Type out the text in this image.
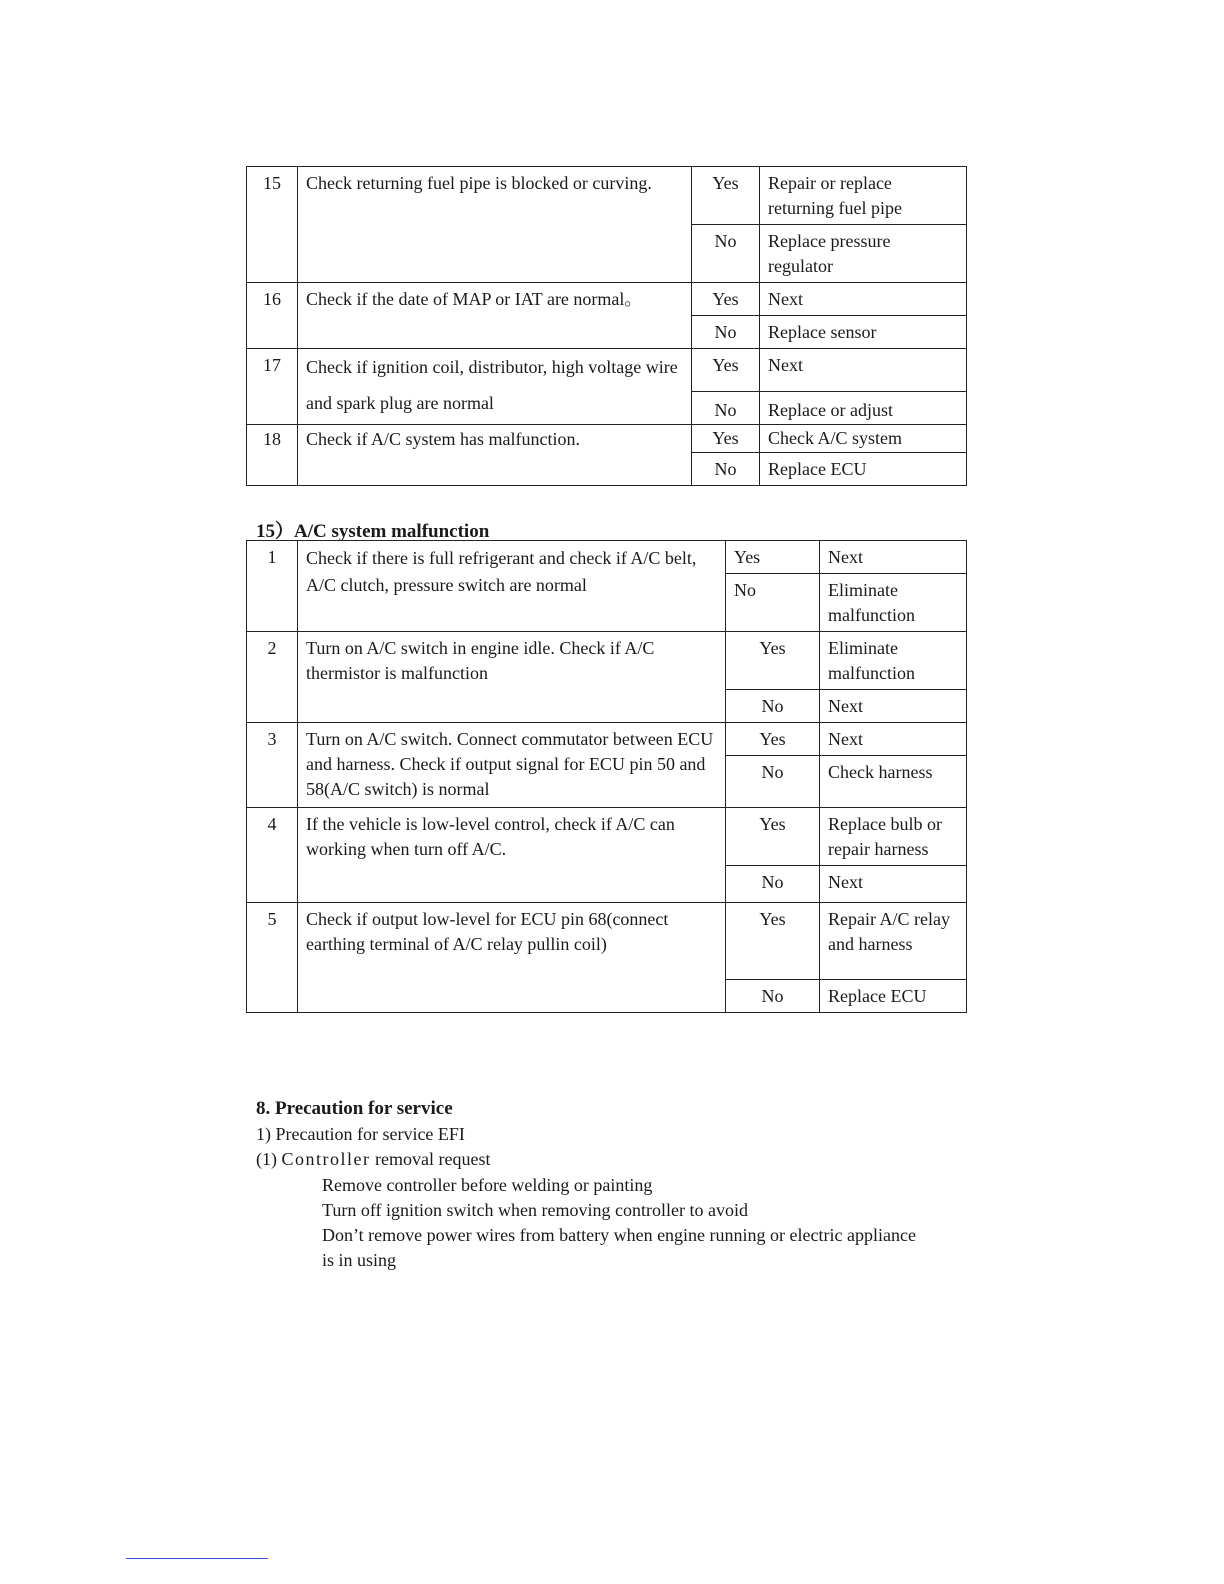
15	Check returning fuel pipe is blocked or curving.	Yes	Repair or replace returning fuel pipe
		No	Replace pressure regulator
16	Check if the date of MAP or IAT are normal。	Yes	Next
		No	Replace sensor
17	Check if ignition coil, distributor, high voltage wire and spark plug are normal	Yes	Next
		No	Replace or adjust
18	Check if A/C system has malfunction.	Yes	Check A/C system
		No	Replace ECU
15）A/C system malfunction
1	Check if there is full refrigerant and check if A/C belt, A/C clutch, pressure switch are normal	Yes	Next
		No	Eliminate malfunction
2	Turn on A/C switch in engine idle. Check if A/C thermistor is malfunction	Yes	Eliminate malfunction
		No	Next
3	Turn on A/C switch. Connect commutator between ECU and harness. Check if output signal for ECU pin 50 and 58(A/C switch) is normal	Yes	Next
		No	Check harness
4	If the vehicle is low-level control, check if A/C can working when turn off A/C.	Yes	Replace bulb or repair harness
		No	Next
5	Check if output low-level for ECU pin 68(connect earthing terminal of A/C relay pullin coil)	Yes	Repair A/C relay and harness
		No	Replace ECU
8. Precaution for service
1) Precaution for service EFI
(1) Controller removal request
Remove controller before welding or painting
Turn off ignition switch when removing controller to avoid
Don’t remove power wires from battery when engine running or electric appliance
is in using
